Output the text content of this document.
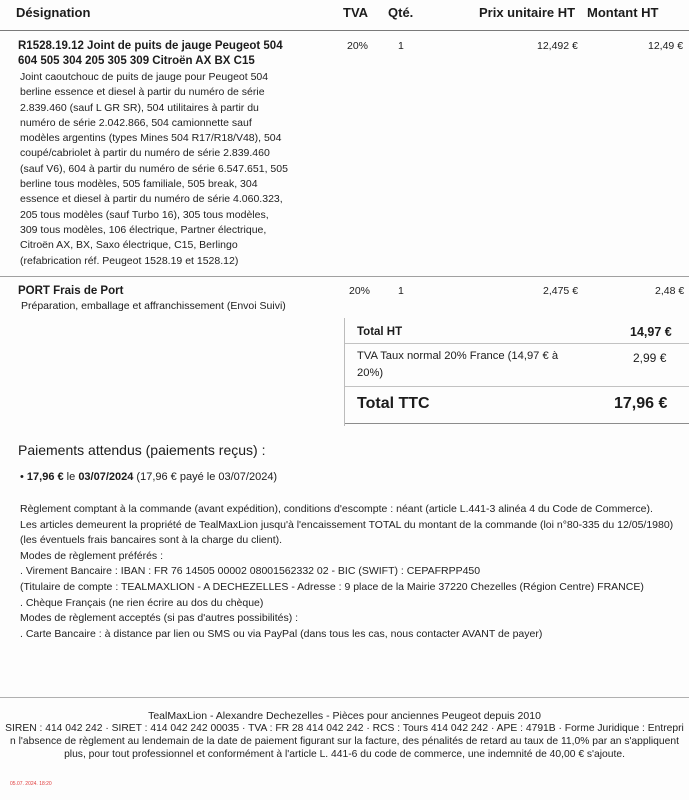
Désignation	TVA Qté.	Prix unitaire HT Montant HT
R1528.19.12 Joint de puits de jauge Peugeot 504
604 505 304 205 305 309 Citroën AX BX C15
Joint caoutchouc de puits de jauge pour Peugeot 504
berline essence et diesel à partir du numéro de série
2.839.460 (sauf L GR SR), 504 utilitaires à partir du
numéro de série 2.042.866, 504 camionnette sauf
modèles argentins (types Mines 504 R17/R18/V48), 504
coupé/cabriolet à partir du numéro de série 2.839.460
(sauf V6), 604 à partir du numéro de série 6.547.651, 505
berline tous modèles, 505 familiale, 505 break, 304
essence et diesel à partir du numéro de série 4.060.323,
205 tous modèles (sauf Turbo 16), 305 tous modèles,
309 tous modèles, 106 électrique, Partner électrique,
Citroën AX, BX, Saxo électrique, C15, Berlingo
(refabrication réf. Peugeot 1528.19 et 1528.12)
20%	1	12,492 €	12,49 €
PORT Frais de Port
Préparation, emballage et affranchissement (Envoi Suivi)
20%	1	2,475 €	2,48 €
Total HT	14,97 €
TVA Taux normal 20% France (14,97 € à
20%)
2,99 €
Total TTC	17,96 €
Paiements attendus (paiements reçus) :
• 17,96 € le 03/07/2024 (17,96 € payé le 03/07/2024)
Règlement comptant à la commande (avant expédition), conditions d'escompte : néant (article L.441-3 alinéa 4 du Code de Commerce).
Les articles demeurent la propriété de TealMaxLion jusqu'à l'encaissement TOTAL du montant de la commande (loi n°80-335 du 12/05/1980)
(les éventuels frais bancaires sont à la charge du client).
Modes de règlement préférés :
. Virement Bancaire : IBAN : FR 76 14505 00002 08001562332 02 - BIC (SWIFT) : CEPAFRPP450
(Titulaire de compte : TEALMAXLION - A DECHEZELLES - Adresse : 9 place de la Mairie 37220 Chezelles (Région Centre) FRANCE)
. Chèque Français (ne rien écrire au dos du chèque)
Modes de règlement acceptés (si pas d'autres possibilités) :
. Carte Bancaire : à distance par lien ou SMS ou via PayPal (dans tous les cas, nous contacter AVANT de payer)
TealMaxLion - Alexandre Dechezelles - Pièces pour anciennes Peugeot depuis 2010
SIREN : 414 042 242 · SIRET : 414 042 242 00035 · TVA : FR 28 414 042 242 · RCS : Tours 414 042 242 · APE : 4791B · Forme Juridique : Entrepri
n l'absence de règlement au lendemain de la date de paiement figurant sur la facture, des pénalités de retard au taux de 11,0% par an s'appliquent
plus, pour tout professionnel et conformément à l'article L. 441-6 du code de commerce, une indemnité de 40,00 € s'ajoute.
05.07. 2024. 18:20
